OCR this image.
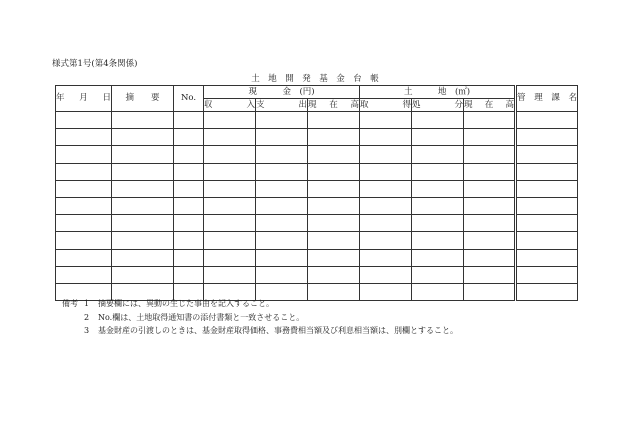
様式第1号(第4条関係)
土　地　開　発　基　金　台　帳
年　月　日	摘　　要	No.	現　　　金　(円)			土　　　地　(㎡)			管理課名
			収　　入	支　　出	現 在 高	取　　得	処　　分	現 在 高	

備考 1	摘要欄には、異動の生じた事由を記入すること。
2	No.欄は、土地取得通知書の添付書類と一致させること。
3	基金財産の引渡しのときは、基金財産取得価格、事務費相当額及び利息相当額は、別欄とすること。
